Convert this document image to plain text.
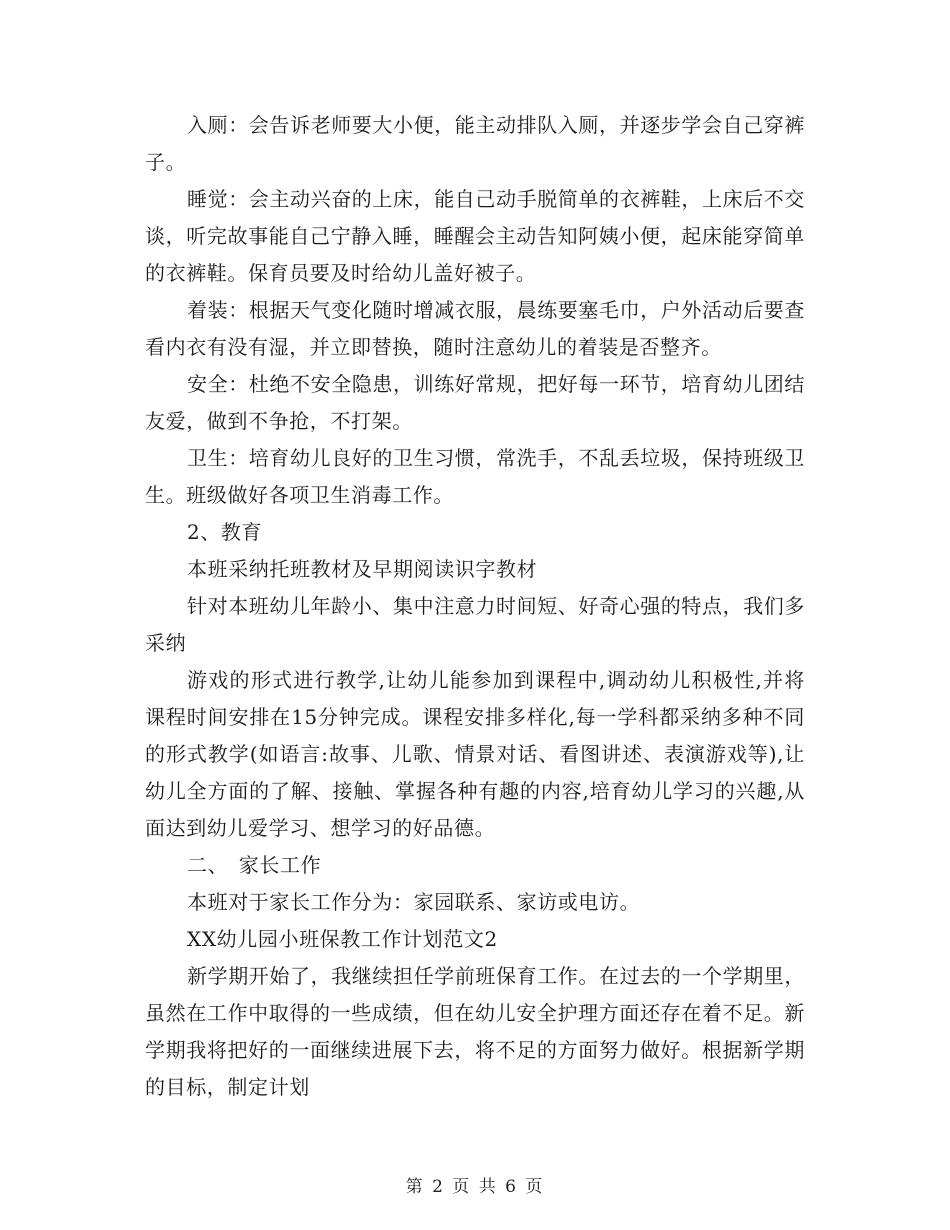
入厕：会告诉老师要大小便，能主动排队入厕，并逐步学会自己穿裤子。

睡觉：会主动兴奋的上床，能自己动手脱简单的衣裤鞋，上床后不交谈，听完故事能自己宁静入睡，睡醒会主动告知阿姨小便，起床能穿简单的衣裤鞋。保育员要及时给幼儿盖好被子。

着装：根据天气变化随时增减衣服，晨练要塞毛巾，户外活动后要查看内衣有没有湿，并立即替换，随时注意幼儿的着装是否整齐。

安全：杜绝不安全隐患，训练好常规，把好每一环节，培育幼儿团结友爱，做到不争抢，不打架。

卫生：培育幼儿良好的卫生习惯，常洗手，不乱丢垃圾，保持班级卫生。班级做好各项卫生消毒工作。

2、教育

本班采纳托班教材及早期阅读识字教材

针对本班幼儿年龄小、集中注意力时间短、好奇心强的特点，我们多采纳

游戏的形式进行教学,让幼儿能参加到课程中,调动幼儿积极性,并将课程时间安排在15分钟完成。课程安排多样化,每一学科都采纳多种不同的形式教学(如语言:故事、儿歌、情景对话、看图讲述、表演游戏等),让幼儿全方面的了解、接触、掌握各种有趣的内容,培育幼儿学习的兴趣,从面达到幼儿爱学习、想学习的好品德。

二、　家长工作

本班对于家长工作分为：家园联系、家访或电访。

XX幼儿园小班保教工作计划范文2

新学期开始了，我继续担任学前班保育工作。在过去的一个学期里，虽然在工作中取得的一些成绩，但在幼儿安全护理方面还存在着不足。新学期我将把好的一面继续进展下去，将不足的方面努力做好。根据新学期的目标，制定计划

第 2 页 共 6 页
